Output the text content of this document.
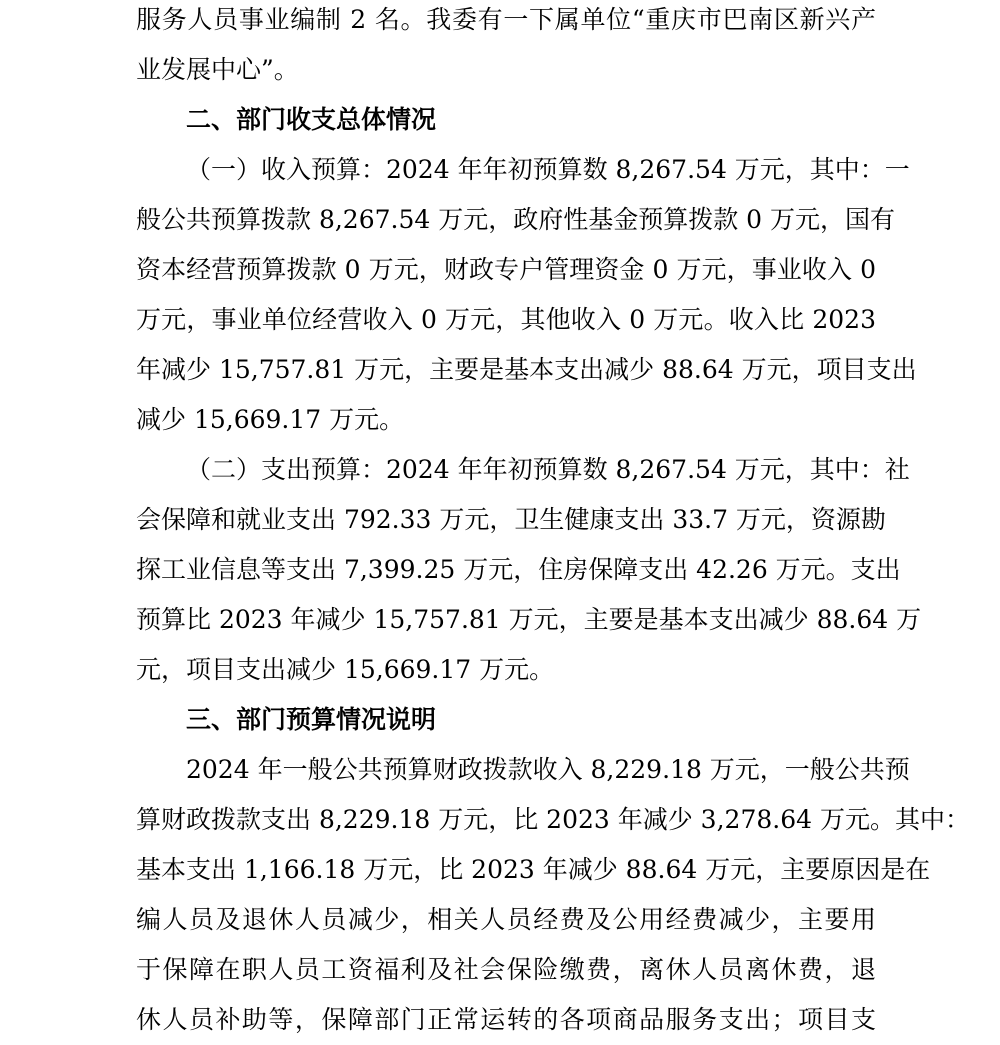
服务人员事业编制 2 名。我委有一下属单位“重庆市巴南区新兴产
业发展中心”。
二、部门收支总体情况
（一）收入预算：2024 年年初预算数 8,267.54 万元，其中：一
般公共预算拨款 8,267.54 万元，政府性基金预算拨款 0 万元，国有
资本经营预算拨款 0 万元，财政专户管理资金 0 万元，事业收入 0
万元，事业单位经营收入 0 万元，其他收入 0 万元。收入比 2023
年减少 15,757.81 万元，主要是基本支出减少 88.64 万元，项目支出
减少 15,669.17 万元。
（二）支出预算：2024 年年初预算数 8,267.54 万元，其中：社
会保障和就业支出 792.33 万元，卫生健康支出 33.7 万元，资源勘
探工业信息等支出 7,399.25 万元，住房保障支出 42.26 万元。支出
预算比 2023 年减少 15,757.81 万元，主要是基本支出减少 88.64 万
元，项目支出减少 15,669.17 万元。
三、部门预算情况说明
2024 年一般公共预算财政拨款收入 8,229.18 万元，一般公共预
算财政拨款支出 8,229.18 万元，比 2023 年减少 3,278.64 万元。其中：
基本支出 1,166.18 万元，比 2023 年减少 88.64 万元，主要原因是在
编人员及退休人员减少，相关人员经费及公用经费减少，主要用
于保障在职人员工资福利及社会保险缴费，离休人员离休费，退
休人员补助等，保障部门正常运转的各项商品服务支出；项目支
